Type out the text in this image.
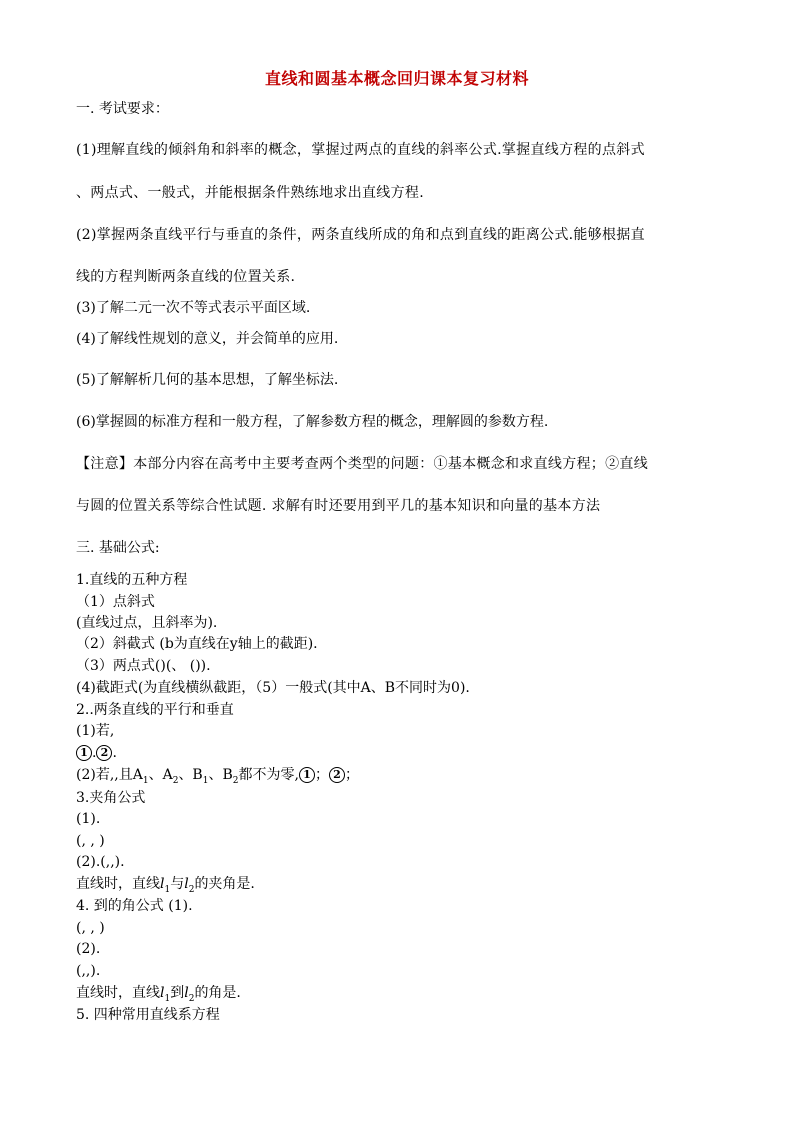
直线和圆基本概念回归课本复习材料
一. 考试要求：
(1)理解直线的倾斜角和斜率的概念，掌握过两点的直线的斜率公式.掌握直线方程的点斜式
、两点式、一般式，并能根据条件熟练地求出直线方程.
(2)掌握两条直线平行与垂直的条件，两条直线所成的角和点到直线的距离公式.能够根据直
线的方程判断两条直线的位置关系.
(3)了解二元一次不等式表示平面区域.
(4)了解线性规划的意义，并会简单的应用.
(5)了解解析几何的基本思想，了解坐标法.
(6)掌握圆的标准方程和一般方程，了解参数方程的概念，理解圆的参数方程.
【注意】本部分内容在高考中主要考查两个类型的问题：①基本概念和求直线方程；②直线
与圆的位置关系等综合性试题. 求解有时还要用到平几的基本知识和向量的基本方法
三. 基础公式:
1.直线的五种方程
（1）点斜式
(直线过点，且斜率为).
（2）斜截式 (b为直线在y轴上的截距).
（3）两点式()(、 ()).
(4)截距式(为直线横纵截距，（5）一般式(其中A、B不同时为0).
2..两条直线的平行和垂直
(1)若,
1 . 2 .
(2)若,,且$A_1$、$A_2$、$B_1$、$B_2$都不为零, 1 ； 2 ；
3.夹角公式
(1).
(, , )
(2).(,,).
直线时，直线$l_1$与$l_2$的夹角是.
4. 到的角公式 (1).
(, , )
(2).
(,,).
直线时，直线$l_1$到$l_2$的角是.
5. 四种常用直线系方程
